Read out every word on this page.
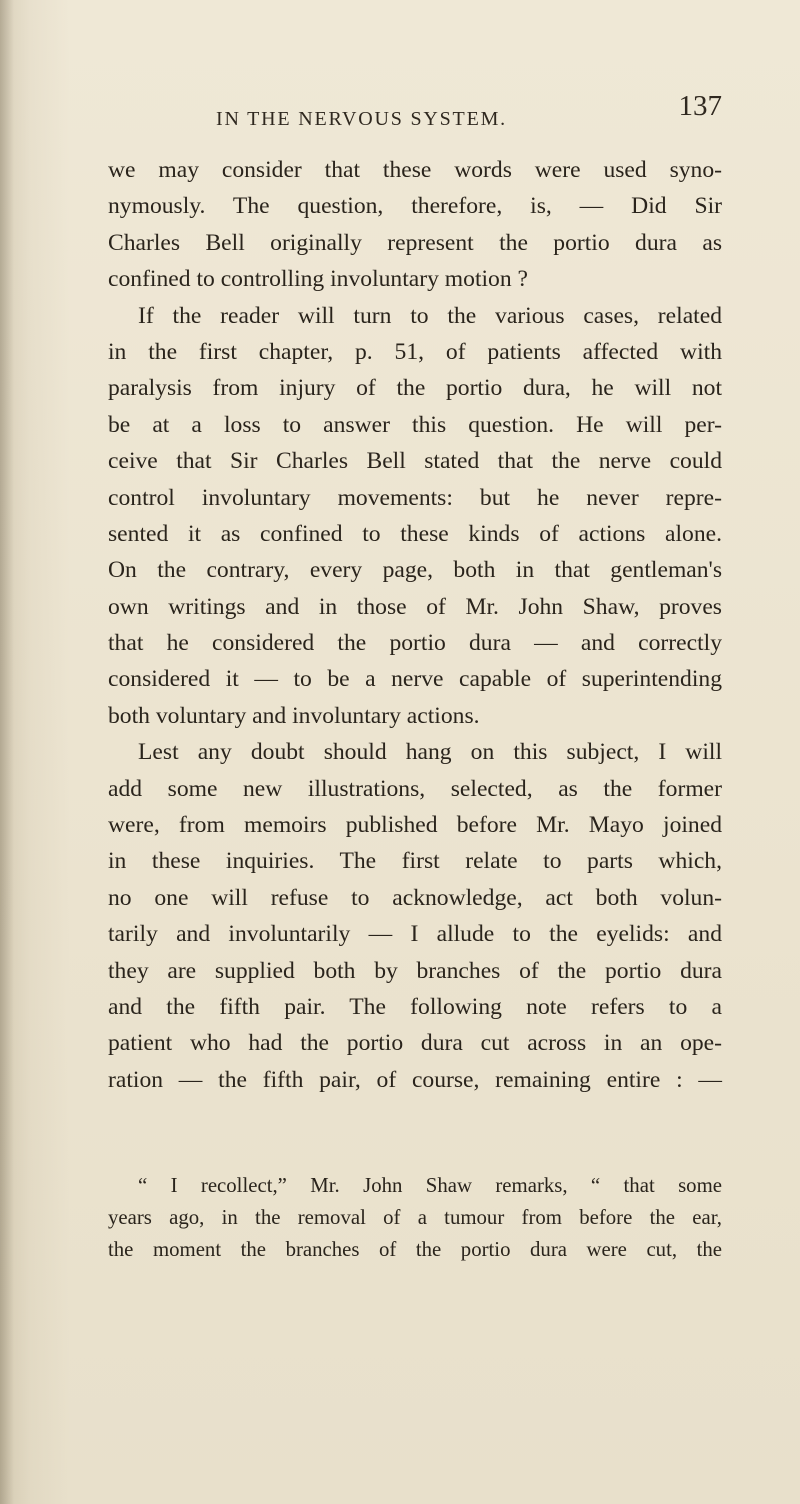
IN THE NERVOUS SYSTEM.	137
we may consider that these words were used syno-
nymously. The question, therefore, is, — Did Sir
Charles Bell originally represent the portio dura as
confined to controlling involuntary motion ?
If the reader will turn to the various cases, related
in the first chapter, p. 51, of patients affected with
paralysis from injury of the portio dura, he will not
be at a loss to answer this question. He will per-
ceive that Sir Charles Bell stated that the nerve could
control involuntary movements: but he never repre-
sented it as confined to these kinds of actions alone.
On the contrary, every page, both in that gentleman's
own writings and in those of Mr. John Shaw, proves
that he considered the portio dura — and correctly
considered it — to be a nerve capable of superintending
both voluntary and involuntary actions.
Lest any doubt should hang on this subject, I will
add some new illustrations, selected, as the former
were, from memoirs published before Mr. Mayo joined
in these inquiries. The first relate to parts which,
no one will refuse to acknowledge, act both volun-
tarily and involuntarily — I allude to the eyelids: and
they are supplied both by branches of the portio dura
and the fifth pair. The following note refers to a
patient who had the portio dura cut across in an ope-
ration — the fifth pair, of course, remaining entire : —
“ I recollect,” Mr. John Shaw remarks, “ that some
years ago, in the removal of a tumour from before the ear,
the moment the branches of the portio dura were cut, the
